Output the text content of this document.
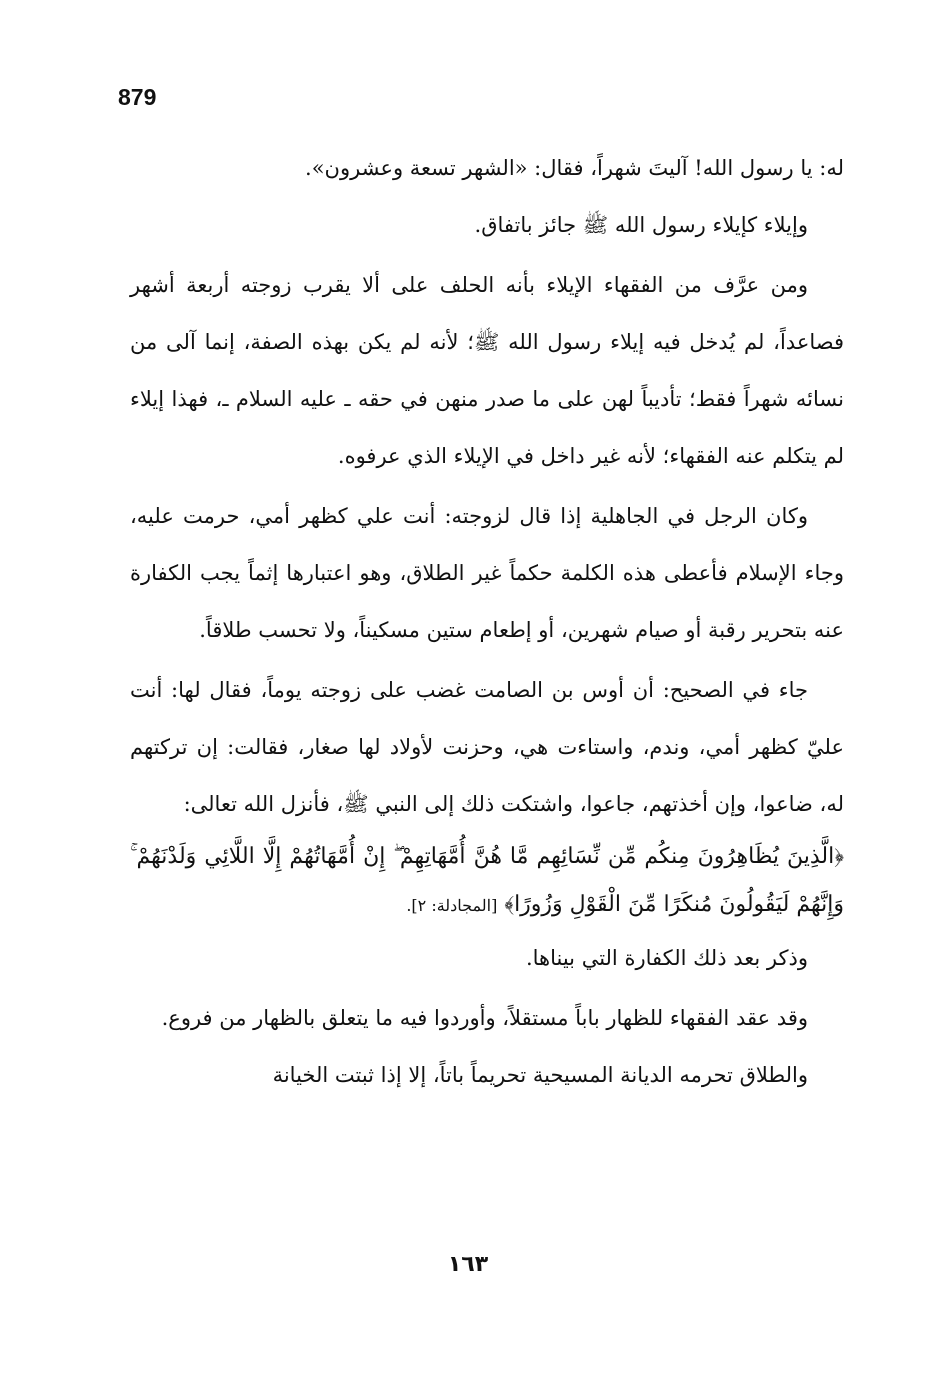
879

له: يا رسول الله! آليتَ شهراً، فقال: «الشهر تسعة وعشرون».

وإيلاء كإيلاء رسول الله ﷺ جائز باتفاق.

ومن عرَّف من الفقهاء الإيلاء بأنه الحلف على ألا يقرب زوجته أربعة أشهر فصاعداً، لم يُدخل فيه إيلاء رسول الله ﷺ؛ لأنه لم يكن بهذه الصفة، إنما آلى من نسائه شهراً فقط؛ تأديباً لهن على ما صدر منهن في حقه ـ عليه السلام ـ، فهذا إيلاء لم يتكلم عنه الفقهاء؛ لأنه غير داخل في الإيلاء الذي عرفوه.

وكان الرجل في الجاهلية إذا قال لزوجته: أنت علي كظهر أمي، حرمت عليه، وجاء الإسلام فأعطى هذه الكلمة حكماً غير الطلاق، وهو اعتبارها إثماً يجب الكفارة عنه بتحرير رقبة أو صيام شهرين، أو إطعام ستين مسكيناً، ولا تحسب طلاقاً.

جاء في الصحيح: أن أوس بن الصامت غضب على زوجته يوماً، فقال لها: أنت عليّ كظهر أمي، وندم، واستاءت هي، وحزنت لأولاد لها صغار، فقالت: إن تركتهم له، ضاعوا، وإن أخذتهم، جاعوا، واشتكت ذلك إلى النبي ﷺ، فأنزل الله تعالى:

﴿الَّذِينَ يُظَاهِرُونَ مِنكُم مِّن نِّسَائِهِم مَّا هُنَّ أُمَّهَاتِهِمْ ۖ إِنْ أُمَّهَاتُهُمْ إِلَّا اللَّائِي وَلَدْنَهُمْ ۚ وَإِنَّهُمْ لَيَقُولُونَ مُنكَرًا مِّنَ الْقَوْلِ وَزُورًا﴾ [المجادلة: ٢].

وذكر بعد ذلك الكفارة التي بيناها.

وقد عقد الفقهاء للظهار باباً مستقلاً، وأوردوا فيه ما يتعلق بالظهار من فروع.

والطلاق تحرمه الديانة المسيحية تحريماً باتاً، إلا إذا ثبتت الخيانة

١٦٣
